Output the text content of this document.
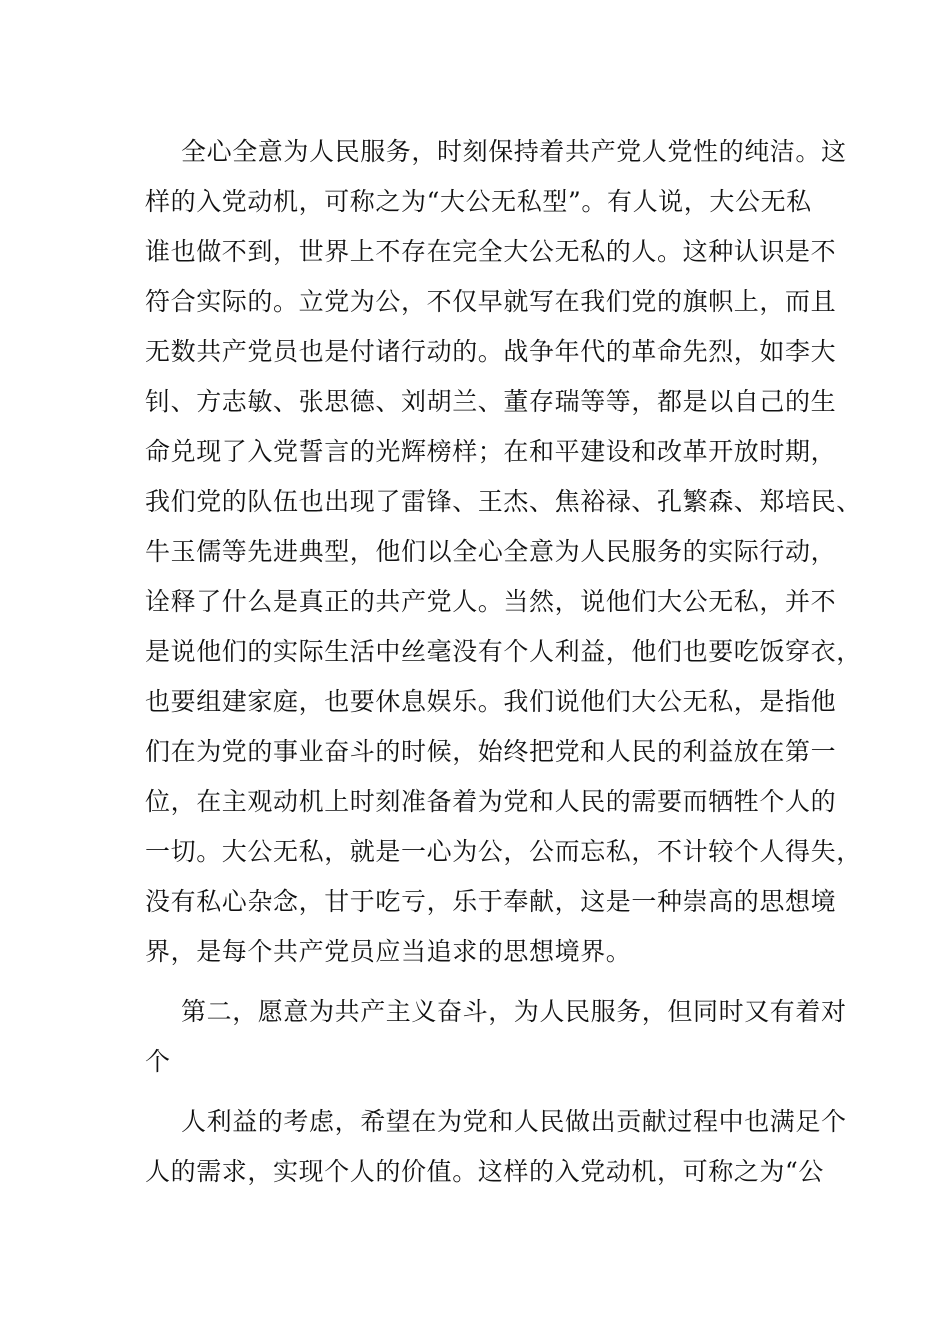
全心全意为人民服务，时刻保持着共产党人党性的纯洁。这
样的入党动机，可称之为“大公无私型”。有人说，大公无私
谁也做不到，世界上不存在完全大公无私的人。这种认识是不
符合实际的。立党为公，不仅早就写在我们党的旗帜上，而且
无数共产党员也是付诸行动的。战争年代的革命先烈，如李大
钊、方志敏、张思德、刘胡兰、董存瑞等等，都是以自己的生
命兑现了入党誓言的光辉榜样；在和平建设和改革开放时期，
我们党的队伍也出现了雷锋、王杰、焦裕禄、孔繁森、郑培民、
牛玉儒等先进典型，他们以全心全意为人民服务的实际行动，
诠释了什么是真正的共产党人。当然，说他们大公无私，并不
是说他们的实际生活中丝毫没有个人利益，他们也要吃饭穿衣，
也要组建家庭，也要休息娱乐。我们说他们大公无私，是指他
们在为党的事业奋斗的时候，始终把党和人民的利益放在第一
位，在主观动机上时刻准备着为党和人民的需要而牺牲个人的
一切。大公无私，就是一心为公，公而忘私，不计较个人得失，
没有私心杂念，甘于吃亏，乐于奉献，这是一种崇高的思想境
界，是每个共产党员应当追求的思想境界。
第二，愿意为共产主义奋斗，为人民服务，但同时又有着对
个
人利益的考虑，希望在为党和人民做出贡献过程中也满足个
人的需求，实现个人的价值。这样的入党动机，可称之为“公
